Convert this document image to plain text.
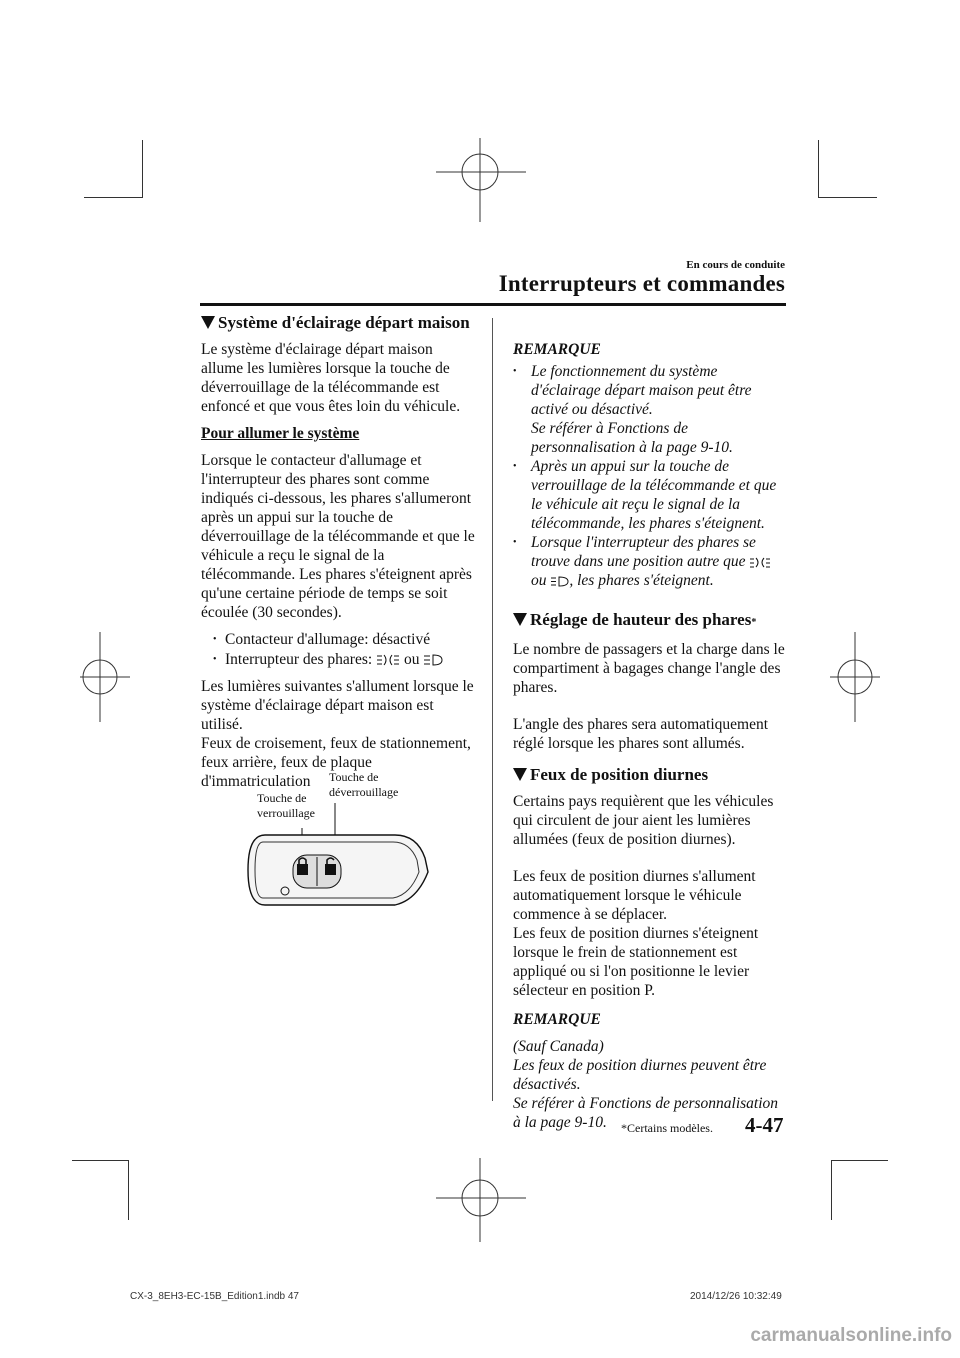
En cours de conduite
Interrupteurs et commandes
Système d'éclairage départ maison

Le système d'éclairage départ maison allume les lumières lorsque la touche de déverrouillage de la télécommande est enfoncé et que vous êtes loin du véhicule.

Pour allumer le système

Lorsque le contacteur d'allumage et l'interrupteur des phares sont comme indiqués ci-dessous, les phares s'allumeront après un appui sur la touche de déverrouillage de la télécommande et que le véhicule a reçu le signal de la télécommande. Les phares s'éteignent après qu'une certaine période de temps se soit écoulée (30 secondes).

• Contacteur d'allumage: désactivé
• Interrupteur des phares: ou

Les lumières suivantes s'allument lorsque le système d'éclairage départ maison est utilisé.

Feux de croisement, feux de stationnement, feux arrière, feux de plaque d'immatriculation

Touche de
verrouillage
Touche de
déverrouillage
REMARQUE
• Le fonctionnement du système d'éclairage départ maison peut être activé ou désactivé.
Se référer à Fonctions de personnalisation à la page 9-10.
• Après un appui sur la touche de verrouillage de la télécommande et que le véhicule ait reçu le signal de la télécommande, les phares s'éteignent.
• Lorsque l'interrupteur des phares se trouve dans une position autre que  ou , les phares s'éteignent.
Réglage de hauteur des phares *

Le nombre de passagers et la charge dans le compartiment à bagages change l'angle des phares.

L'angle des phares sera automatiquement réglé lorsque les phares sont allumés.

Feux de position diurnes

Certains pays requièrent que les véhicules qui circulent de jour aient les lumières allumées (feux de position diurnes).

Les feux de position diurnes s'allument automatiquement lorsque le véhicule commence à se déplacer.

Les feux de position diurnes s'éteignent lorsque le frein de stationnement est appliqué ou si l'on positionne le levier sélecteur en position P.

REMARQUE
(Sauf Canada)
Les feux de position diurnes peuvent être désactivés.
Se référer à Fonctions de personnalisation à la page 9-10.	*Certains modèles. 4-47
CX-3_8EH3-EC-15B_Edition1.indb 47	2014/12/26 10:32:49
carmanualsonline.info
